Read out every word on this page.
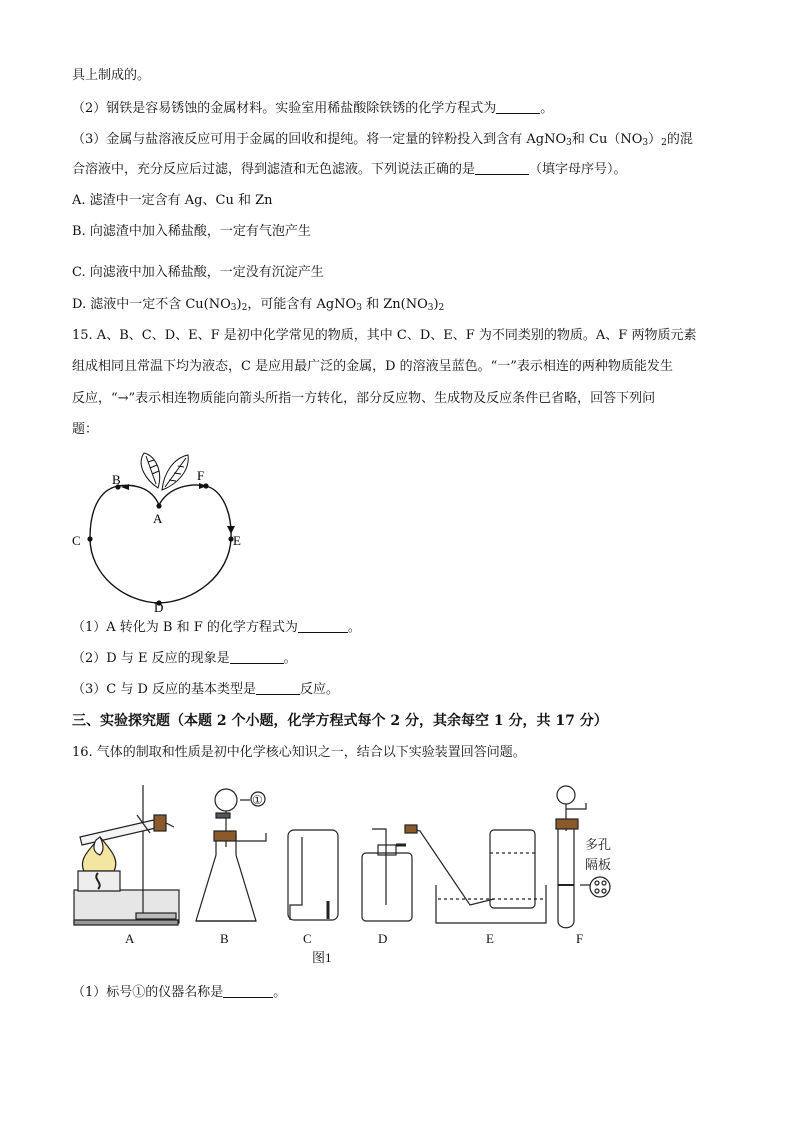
具上制成的。
（2）钢铁是容易锈蚀的金属材料。实验室用稀盐酸除铁锈的化学方程式为	。
（3）金属与盐溶液反应可用于金属的回收和提纯。将一定量的锌粉投入到含有 AgNO$_3$和 $Cu(NO_3)_2$的混
合溶液中，充分反应后过滤，得到滤渣和无色滤液。下列说法正确的是	（填字母序号）。
A. 滤渣中一定含有 Ag、Cu 和 Zn
B. 向滤渣中加入稀盐酸，一定有气泡产生
C. 向滤液中加入稀盐酸，一定没有沉淀产生
D. 滤液中一定不含 $Cu(NO_3)_2$，可能含有 AgNO$_3$ 和 $Zn(NO_3)_2$
15. A、B、C、D、E、F 是初中化学常见的物质，其中 C、D、E、F 为不同类别的物质。A、F 两物质元素
组成相同且常温下均为液态，C 是应用最广泛的金属，D 的溶液呈蓝色。“一”表示相连的两种物质能发生
反应，“→”表示相连物质能向箭头所指一方转化，部分反应物、生成物及反应条件已省略，回答下列问
题：
A
B
C
D
E
F
（1）A 转化为 B 和 F 的化学方程式为	。
（2）D 与 E 反应的现象是	。
（3）C 与 D 反应的基本类型是	反应。
三、实验探究题（本题 2 个小题，化学方程式每个 2 分，其余每空 1 分，共 17 分）
16. 气体的制取和性质是初中化学核心知识之一，结合以下实验装置回答问题。
①
多孔
隔板
A	B	C	D	E	F
图1
（1）标号①的仪器名称是	。
